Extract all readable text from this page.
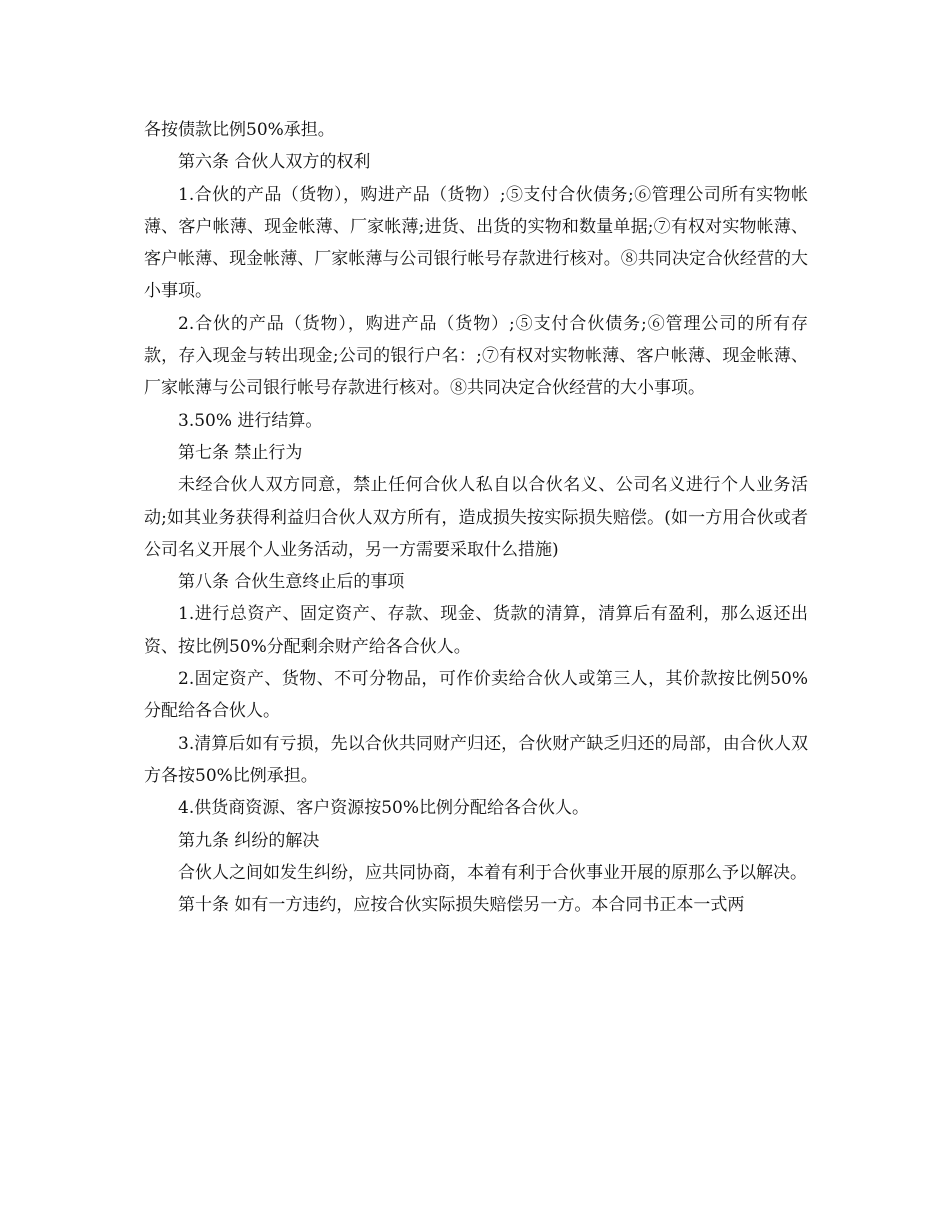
各按债款比例50%承担。

第六条 合伙人双方的权利

1.合伙的产品（货物），购进产品（货物）;⑤支付合伙债务;⑥管理公司所有实物帐薄、客户帐薄、现金帐薄、厂家帐薄;进货、出货的实物和数量单据;⑦有权对实物帐薄、客户帐薄、现金帐薄、厂家帐薄与公司银行帐号存款进行核对。⑧共同决定合伙经营的大小事项。

2.合伙的产品（货物），购进产品（货物）;⑤支付合伙债务;⑥管理公司的所有存款，存入现金与转出现金;公司的银行户名：;⑦有权对实物帐薄、客户帐薄、现金帐薄、厂家帐薄与公司银行帐号存款进行核对。⑧共同决定合伙经营的大小事项。

3.50% 进行结算。

第七条 禁止行为

未经合伙人双方同意，禁止任何合伙人私自以合伙名义、公司名义进行个人业务活动;如其业务获得利益归合伙人双方所有，造成损失按实际损失赔偿。(如一方用合伙或者公司名义开展个人业务活动，另一方需要采取什么措施)

第八条 合伙生意终止后的事项

1.进行总资产、固定资产、存款、现金、货款的清算，清算后有盈利，那么返还出资、按比例50%分配剩余财产给各合伙人。

2.固定资产、货物、不可分物品，可作价卖给合伙人或第三人，其价款按比例50%分配给各合伙人。

3.清算后如有亏损，先以合伙共同财产归还，合伙财产缺乏归还的局部，由合伙人双方各按50%比例承担。

4.供货商资源、客户资源按50%比例分配给各合伙人。

第九条 纠纷的解决

合伙人之间如发生纠纷，应共同协商，本着有利于合伙事业开展的原那么予以解决。

第十条 如有一方违约，应按合伙实际损失赔偿另一方。本合同书正本一式两
